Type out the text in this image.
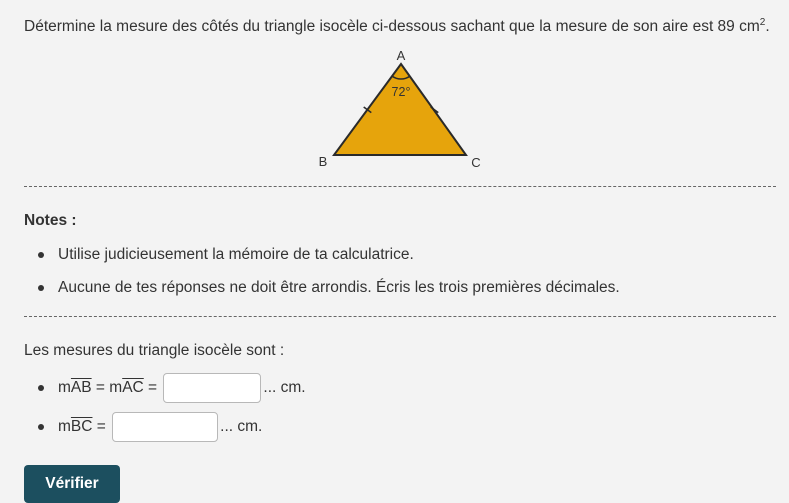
Détermine la mesure des côtés du triangle isocèle ci-dessous sachant que la mesure de son aire est 89 $cm^2$.

A
B	C
72°

Notes :

Utilise judicieusement la mémoire de ta calculatrice.
Aucune de tes réponses ne doit être arrondis. Écris les trois premières décimales.

Les mesures du triangle isocèle sont :

m $\overline{AB} = m$ $\overline{AC}$ =	... cm.
m $\overline{BC}$ =	... cm.
Vérifier
